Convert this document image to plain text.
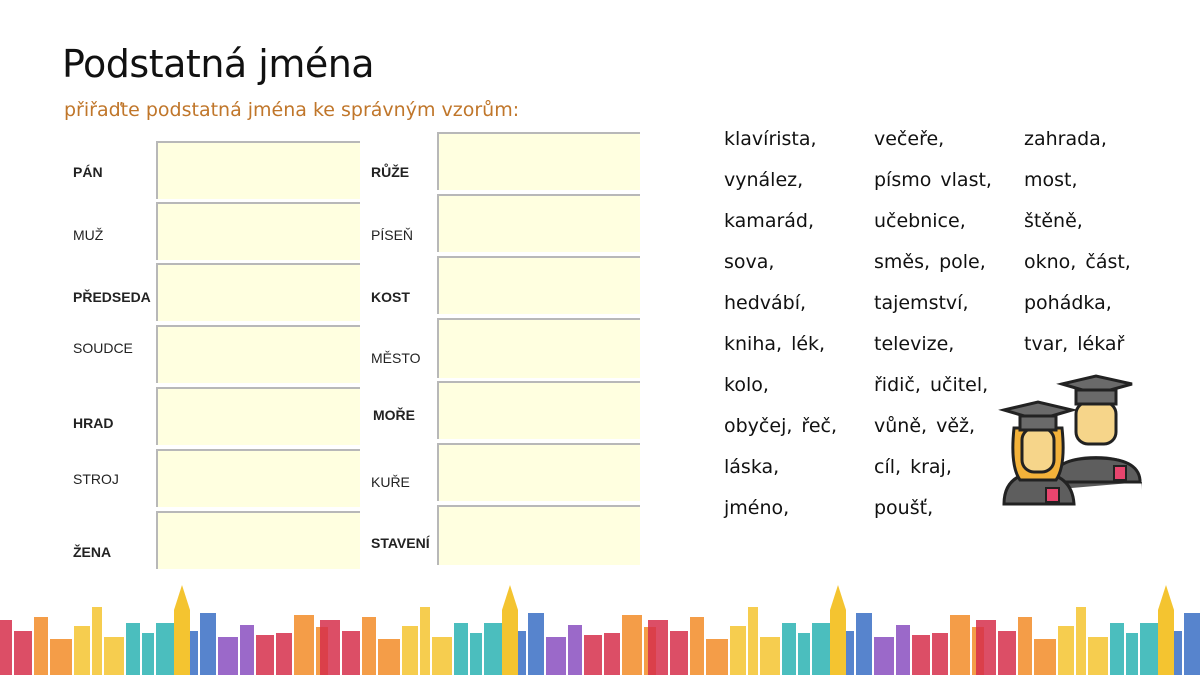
Podstatná jména
přiřaďte podstatná jména ke správným vzorům:
PÁN
MUŽ
PŘEDSEDA
SOUDCE
HRAD
STROJ
ŽENA
RŮŽE
PÍSEŇ
KOST
MĚSTO
MOŘE
KUŘE
STAVENÍ
klavírista,	večeře,	zahrada,
vynález,	písmo vlast,	most,
kamarád,	učebnice,	štěně,
sova,	směs, pole,	okno, část,
hedvábí,	tajemství,	pohádka,
kniha, lék,	televize,	tvar, lékař
kolo,	řidič, učitel,
obyčej, řeč,	vůně, věž,
láska,	cíl, kraj,
jméno,	poušť,
